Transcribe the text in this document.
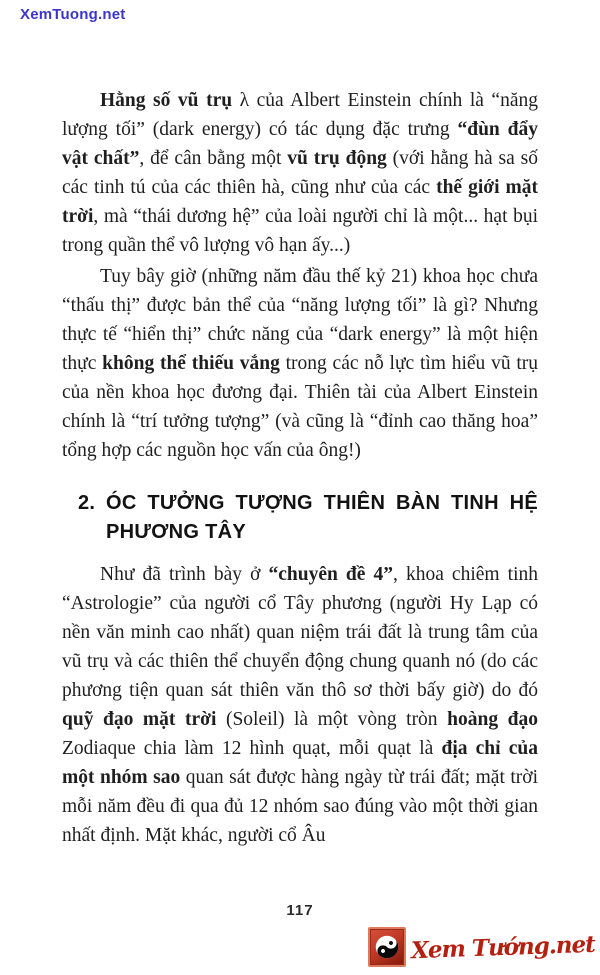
XemTuong.net

Hằng số vũ trụ λ của Albert Einstein chính là “năng lượng tối” (dark energy) có tác dụng đặc trưng “đùn đẩy vật chất”, để cân bằng một vũ trụ động (với hằng hà sa số các tinh tú của các thiên hà, cũng như của các thế giới mặt trời, mà “thái dương hệ” của loài người chỉ là một... hạt bụi trong quần thể vô lượng vô hạn ấy...)

Tuy bây giờ (những năm đầu thế kỷ 21) khoa học chưa “thấu thị” được bản thể của “năng lượng tối” là gì? Nhưng thực tế “hiển thị” chức năng của “dark energy” là một hiện thực không thể thiếu vắng trong các nỗ lực tìm hiểu vũ trụ của nền khoa học đương đại. Thiên tài của Albert Einstein chính là “trí tưởng tượng” (và cũng là “đỉnh cao thăng hoa” tổng hợp các nguồn học vấn của ông!)

2. ÓC TƯỞNG TƯỢNG THIÊN BÀN TINH HỆ PHƯƠNG TÂY

Như đã trình bày ở “chuyên đề 4”, khoa chiêm tinh “Astrologie” của người cổ Tây phương (người Hy Lạp có nền văn minh cao nhất) quan niệm trái đất là trung tâm của vũ trụ và các thiên thể chuyển động chung quanh nó (do các phương tiện quan sát thiên văn thô sơ thời bấy giờ) do đó quỹ đạo mặt trời (Soleil) là một vòng tròn hoàng đạo Zodiaque chia làm 12 hình quạt, mỗi quạt là địa chỉ của một nhóm sao quan sát được hàng ngày từ trái đất; mặt trời mỗi năm đều đi qua đủ 12 nhóm sao đúng vào một thời gian nhất định. Mặt khác, người cổ Âu

117
Xem Tướng.net
